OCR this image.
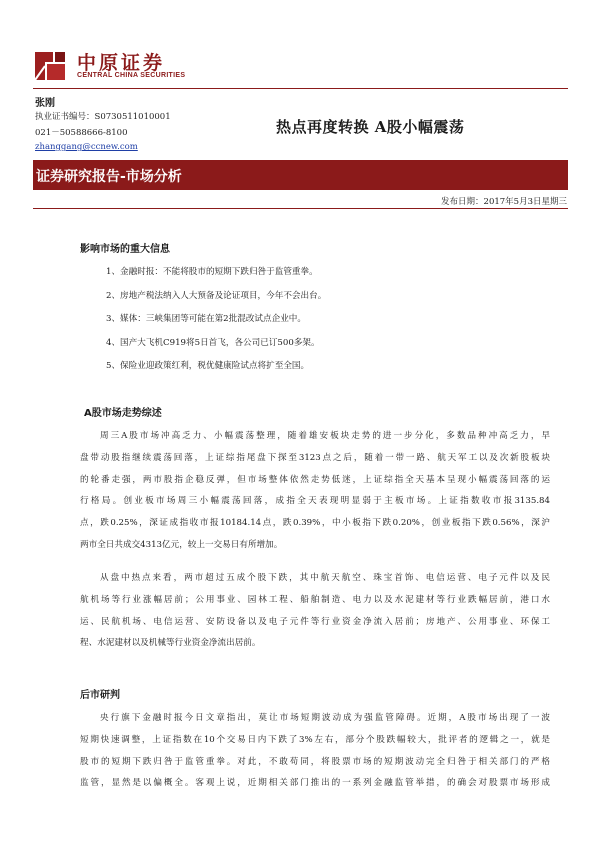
中原证券
CENTRAL CHINA SECURITIES
张刚
执业证书编号：S0730511010001
021－50588666-8100
zhanggang@ccnew.com
热点再度转换 A股小幅震荡
证券研究报告-市场分析
发布日期：2017年5月3日星期三
影响市场的重大信息
1、金融时报：不能将股市的短期下跌归咎于监管重拳。
2、房地产税法纳入人大预备及论证项目，今年不会出台。
3、媒体：三峡集团等可能在第2批混改试点企业中。
4、国产大飞机C919将5日首飞，各公司已订500多架。
5、保险业迎政策红利，税优健康险试点将扩至全国。
A股市场走势综述
周三A股市场冲高乏力、小幅震荡整理，随着雄安板块走势的进一步分化，多数品种冲高乏力，早
盘带动股指继续震荡回落，上证综指尾盘下探至3123点之后，随着一带一路、航天军工以及次新股板块
的轮番走强，两市股指企稳反弹，但市场整体依然走势低迷，上证综指全天基本呈现小幅震荡回落的运
行格局。创业板市场周三小幅震荡回落，成指全天表现明显弱于主板市场。上证指数收市报3135.84
点，跌0.25%，深证成指收市报10184.14点，跌0.39%，中小板指下跌0.20%，创业板指下跌0.56%，深沪
两市全日共成交4313亿元，较上一交易日有所增加。
从盘中热点来看，两市超过五成个股下跌，其中航天航空、珠宝首饰、电信运营、电子元件以及民
航机场等行业涨幅居前；公用事业、园林工程、船舶制造、电力以及水泥建材等行业跌幅居前，港口水
运、民航机场、电信运营、安防设备以及电子元件等行业资金净流入居前；房地产、公用事业、环保工
程、水泥建材以及机械等行业资金净流出居前。
后市研判
央行旗下金融时报今日文章指出，莫让市场短期波动成为强监管障碍。近期，A股市场出现了一波
短期快速调整，上证指数在10个交易日内下跌了3%左右，部分个股跌幅较大，批评者的逻辑之一，就是
股市的短期下跌归咎于监管重拳。对此，不敢苟同，将股票市场的短期波动完全归咎于相关部门的严格
监管，显然是以偏概全。客观上说，近期相关部门推出的一系列金融监管举措，的确会对股票市场形成
